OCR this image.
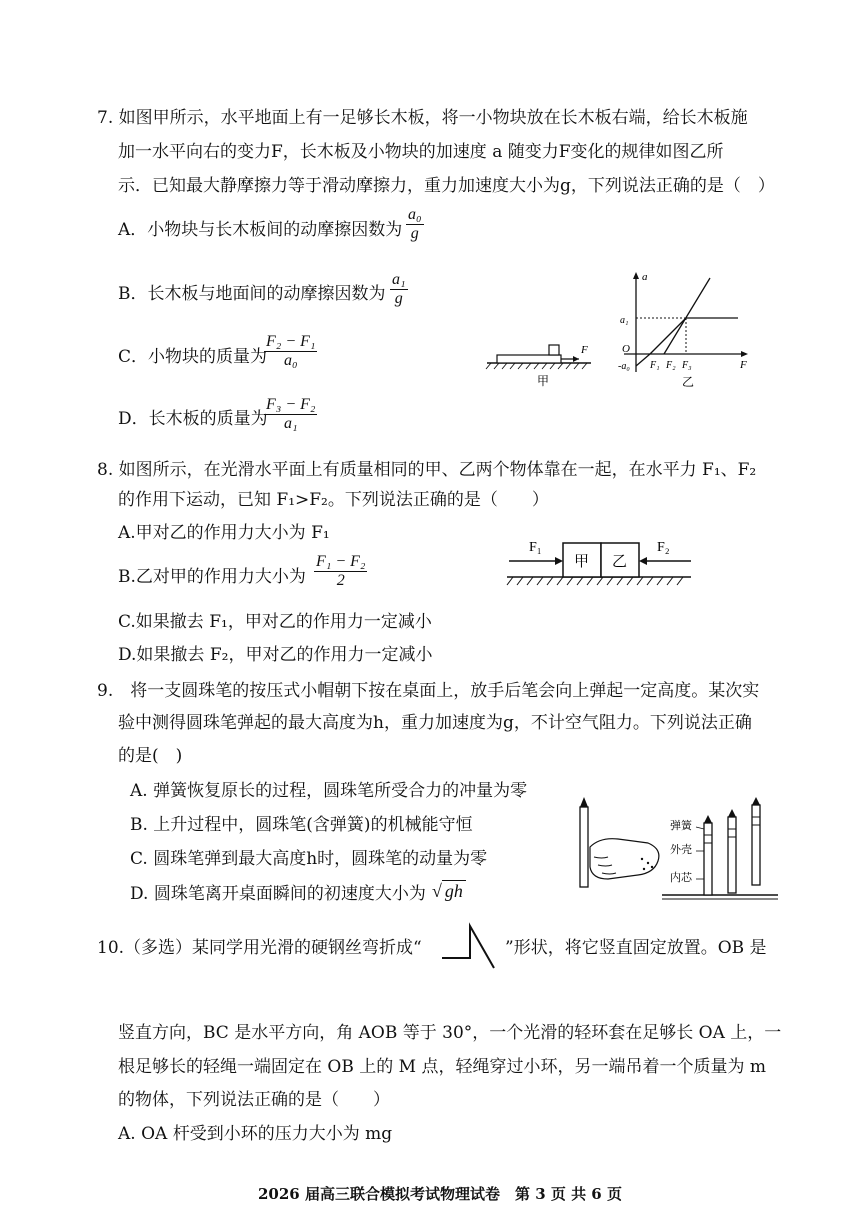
7. 如图甲所示，水平地面上有一足够长木板，将一小物块放在长木板右端，给长木板施
加一水平向右的变力F，长木板及小物块的加速度 a 随变力F变化的规律如图乙所
示．已知最大静摩擦力等于滑动摩擦力，重力加速度大小为g，下列说法正确的是（　）
A．小物块与长木板间的动摩擦因数为 $\frac{\text{a₀}}{g}$
B．长木板与地面间的动摩擦因数为 $\frac{\text{a₁}}{g}$
C．小物块的质量为
$\frac{\text{F₂ − F₁}}{\text{a₀}}$
D．长木板的质量为
$\frac{\text{F₃ − F₂}}{\text{a₁}}$
F
甲
a
F
O
a₁
-a₀ F₁ F₂ F₃
乙
8. 如图所示，在光滑水平面上有质量相同的甲、乙两个物体靠在一起，在水平力 F₁、F₂
的作用下运动，已知 F₁>F₂。下列说法正确的是（　　）
A.甲对乙的作用力大小为 F₁
B.乙对甲的作用力大小为 $\frac{\text{F₁ − F₂}}{2}$
C.如果撤去 F₁，甲对乙的作用力一定减小
D.如果撤去 F₂，甲对乙的作用力一定减小
甲 乙
F₁	F₂
9.　将一支圆珠笔的按压式小帽朝下按在桌面上，放手后笔会向上弹起一定高度。某次实
验中测得圆珠笔弹起的最大高度为h，重力加速度为g，不计空气阻力。下列说法正确
的是(　)
A. 弹簧恢复原长的过程，圆珠笔所受合力的冲量为零
B. 上升过程中，圆珠笔(含弹簧)的机械能守恒
C. 圆珠笔弹到最大高度h时，圆珠笔的动量为零
D. 圆珠笔离开桌面瞬间的初速度大小为 √ gh
弹簧
外壳
内芯
10.（多选）某同学用光滑的硬钢丝弯折成“	”形状，将它竖直固定放置。OB 是
竖直方向，BC 是水平方向，角 AOB 等于 30°，一个光滑的轻环套在足够长 OA 上，一
根足够长的轻绳一端固定在 OB 上的 M 点，轻绳穿过小环，另一端吊着一个质量为 m
的物体，下列说法正确的是（　　）
A. OA 杆受到小环的压力大小为 mg
2026 届高三联合模拟考试物理试卷　第 3 页 共 6 页
